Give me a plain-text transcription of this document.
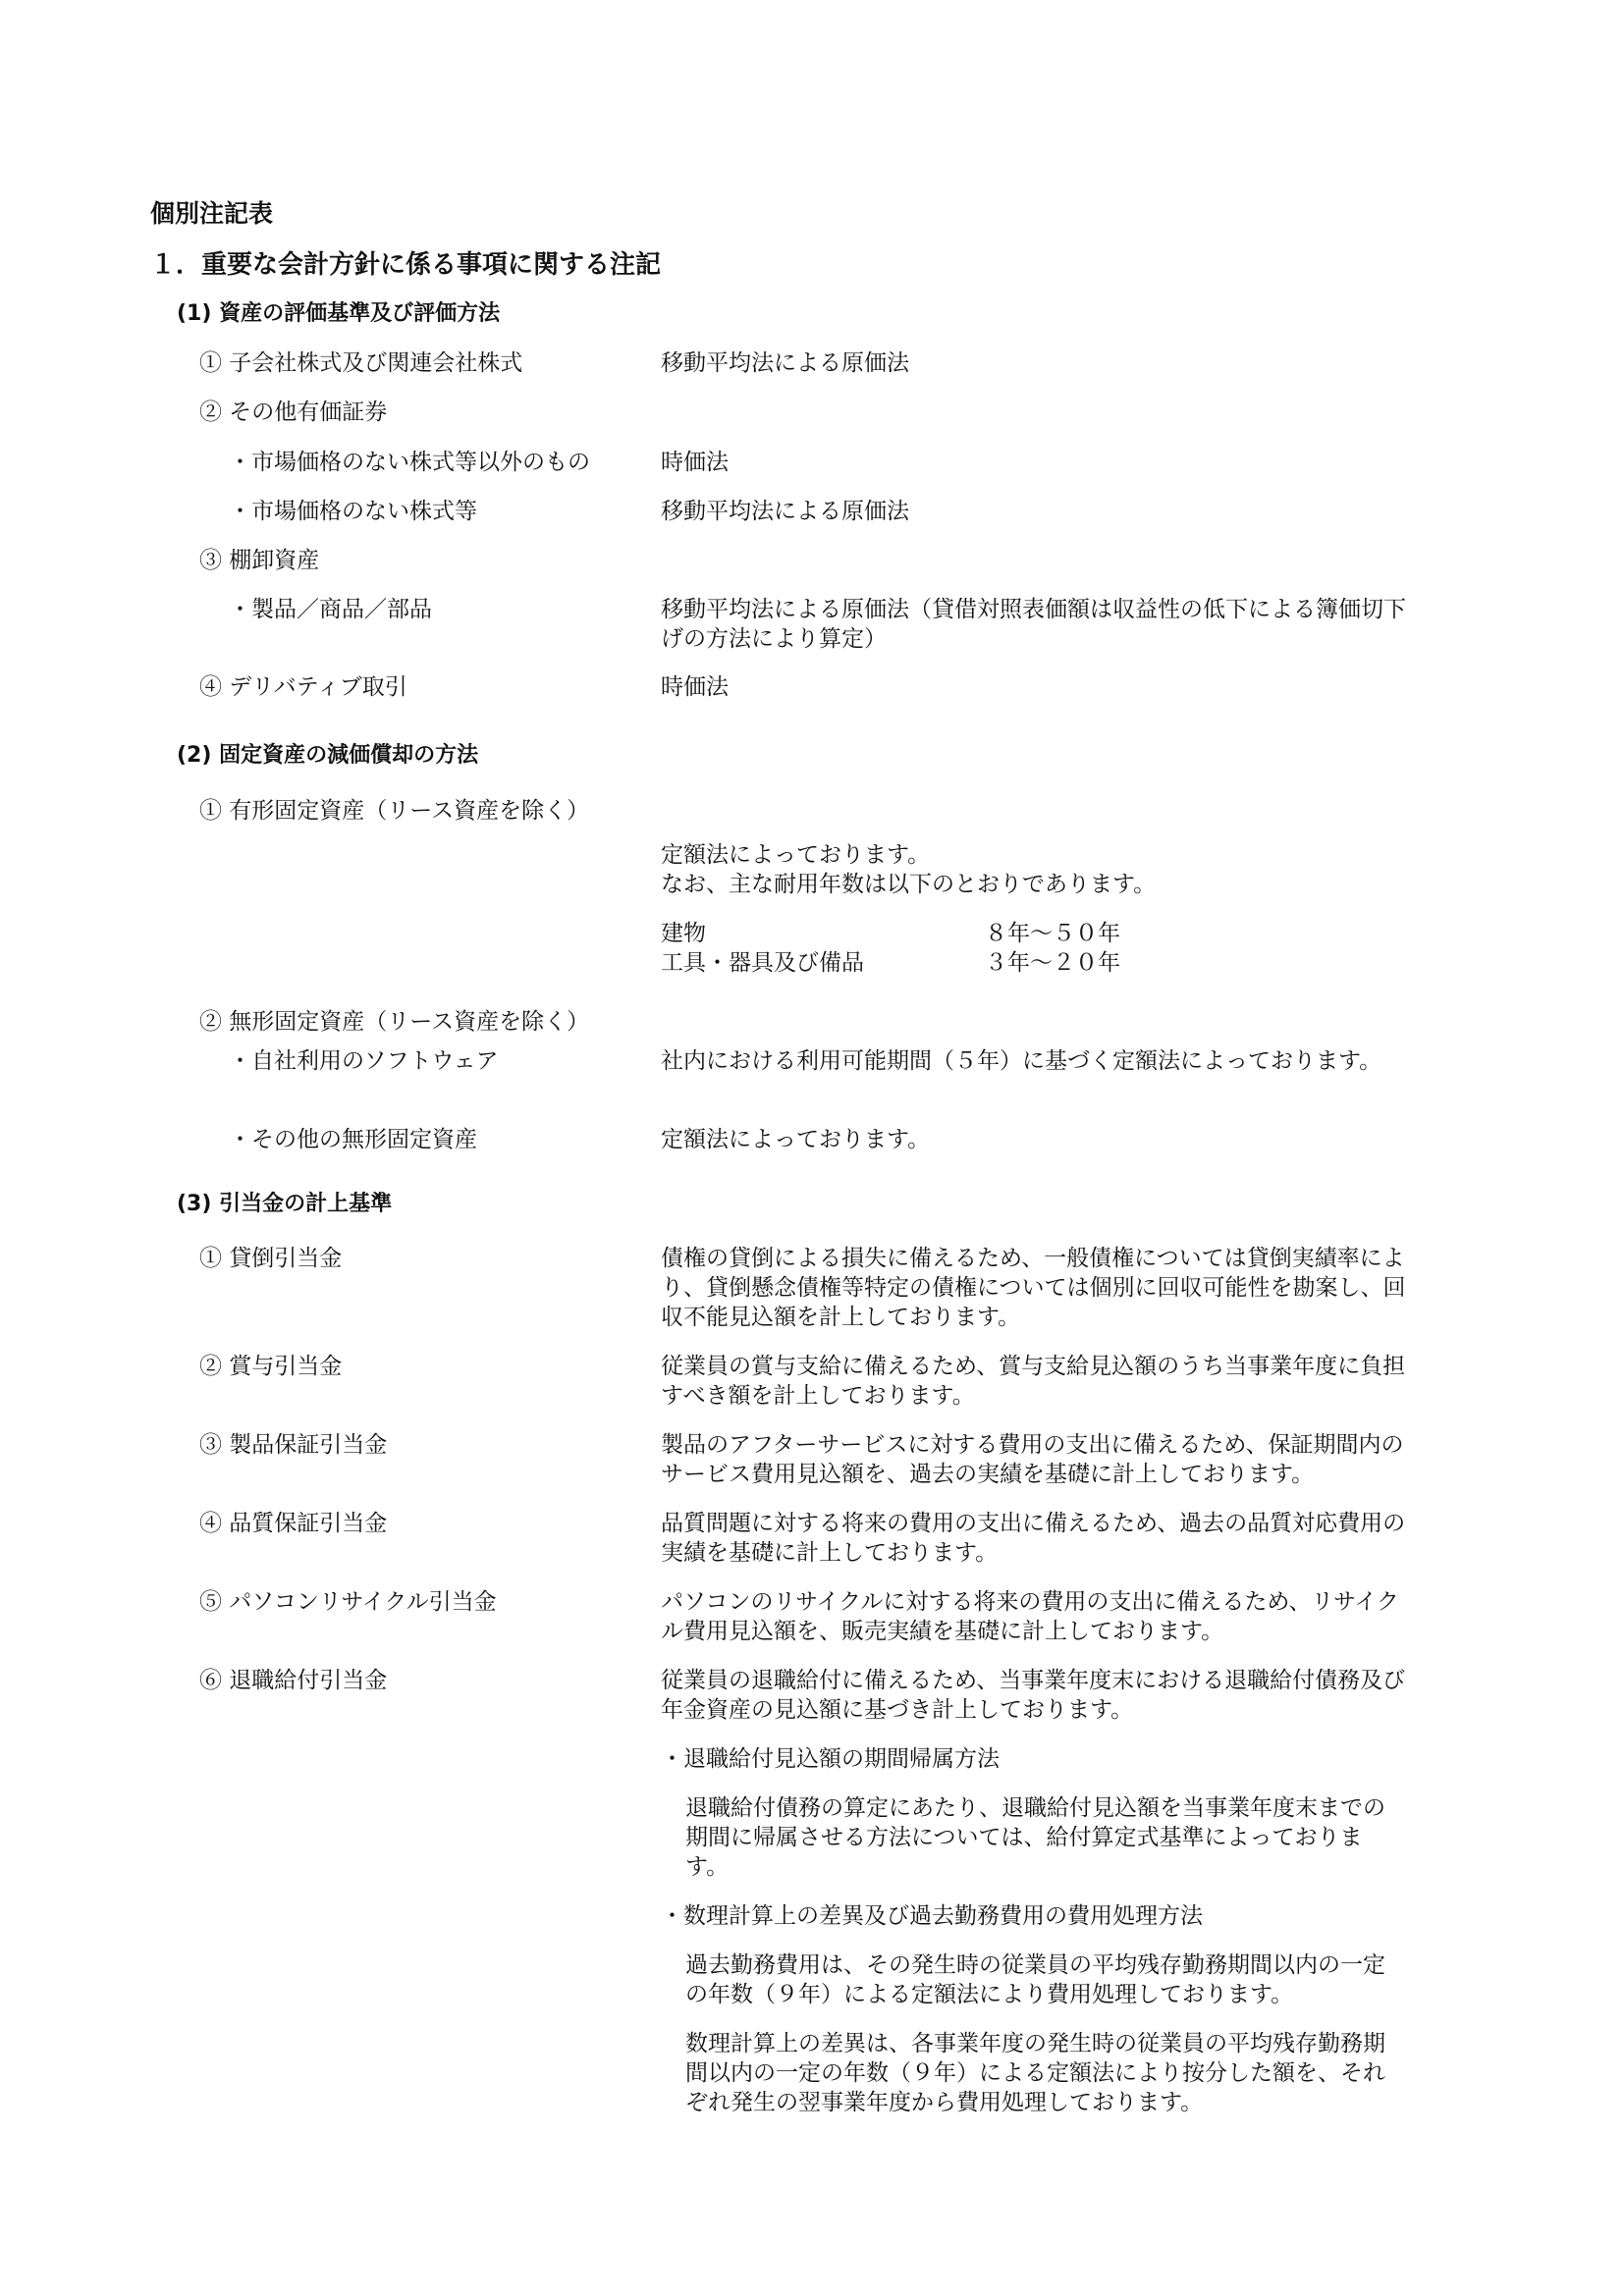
個別注記表
１．重要な会計方針に係る事項に関する注記
(1) 資産の評価基準及び評価方法
① 子会社株式及び関連会社株式	移動平均法による原価法
② その他有価証券
・市場価格のない株式等以外のもの	時価法
・市場価格のない株式等	移動平均法による原価法
③ 棚卸資産
・製品／商品／部品	移動平均法による原価法（貸借対照表価額は収益性の低下による簿価切下
げの方法により算定）
④ デリバティブ取引	時価法
(2) 固定資産の減価償却の方法
① 有形固定資産（リース資産を除く）
定額法によっております。
なお、主な耐用年数は以下のとおりであります。
建物	８年～５０年
工具・器具及び備品	３年～２０年
② 無形固定資産（リース資産を除く）
・自社利用のソフトウェア	社内における利用可能期間（５年）に基づく定額法によっております。
・その他の無形固定資産	定額法によっております。
(3) 引当金の計上基準
① 貸倒引当金	債権の貸倒による損失に備えるため、一般債権については貸倒実績率によ
り、貸倒懸念債権等特定の債権については個別に回収可能性を勘案し、回
収不能見込額を計上しております。
② 賞与引当金	従業員の賞与支給に備えるため、賞与支給見込額のうち当事業年度に負担
すべき額を計上しております。
③ 製品保証引当金	製品のアフターサービスに対する費用の支出に備えるため、保証期間内の
サービス費用見込額を、過去の実績を基礎に計上しております。
④ 品質保証引当金	品質問題に対する将来の費用の支出に備えるため、過去の品質対応費用の
実績を基礎に計上しております。
⑤ パソコンリサイクル引当金	パソコンのリサイクルに対する将来の費用の支出に備えるため、リサイク
ル費用見込額を、販売実績を基礎に計上しております。
⑥ 退職給付引当金	従業員の退職給付に備えるため、当事業年度末における退職給付債務及び
年金資産の見込額に基づき計上しております。
・退職給付見込額の期間帰属方法
退職給付債務の算定にあたり、退職給付見込額を当事業年度末までの
期間に帰属させる方法については、給付算定式基準によっておりま
す。
・数理計算上の差異及び過去勤務費用の費用処理方法
過去勤務費用は、その発生時の従業員の平均残存勤務期間以内の一定
の年数（９年）による定額法により費用処理しております。
数理計算上の差異は、各事業年度の発生時の従業員の平均残存勤務期
間以内の一定の年数（９年）による定額法により按分した額を、それ
ぞれ発生の翌事業年度から費用処理しております。
